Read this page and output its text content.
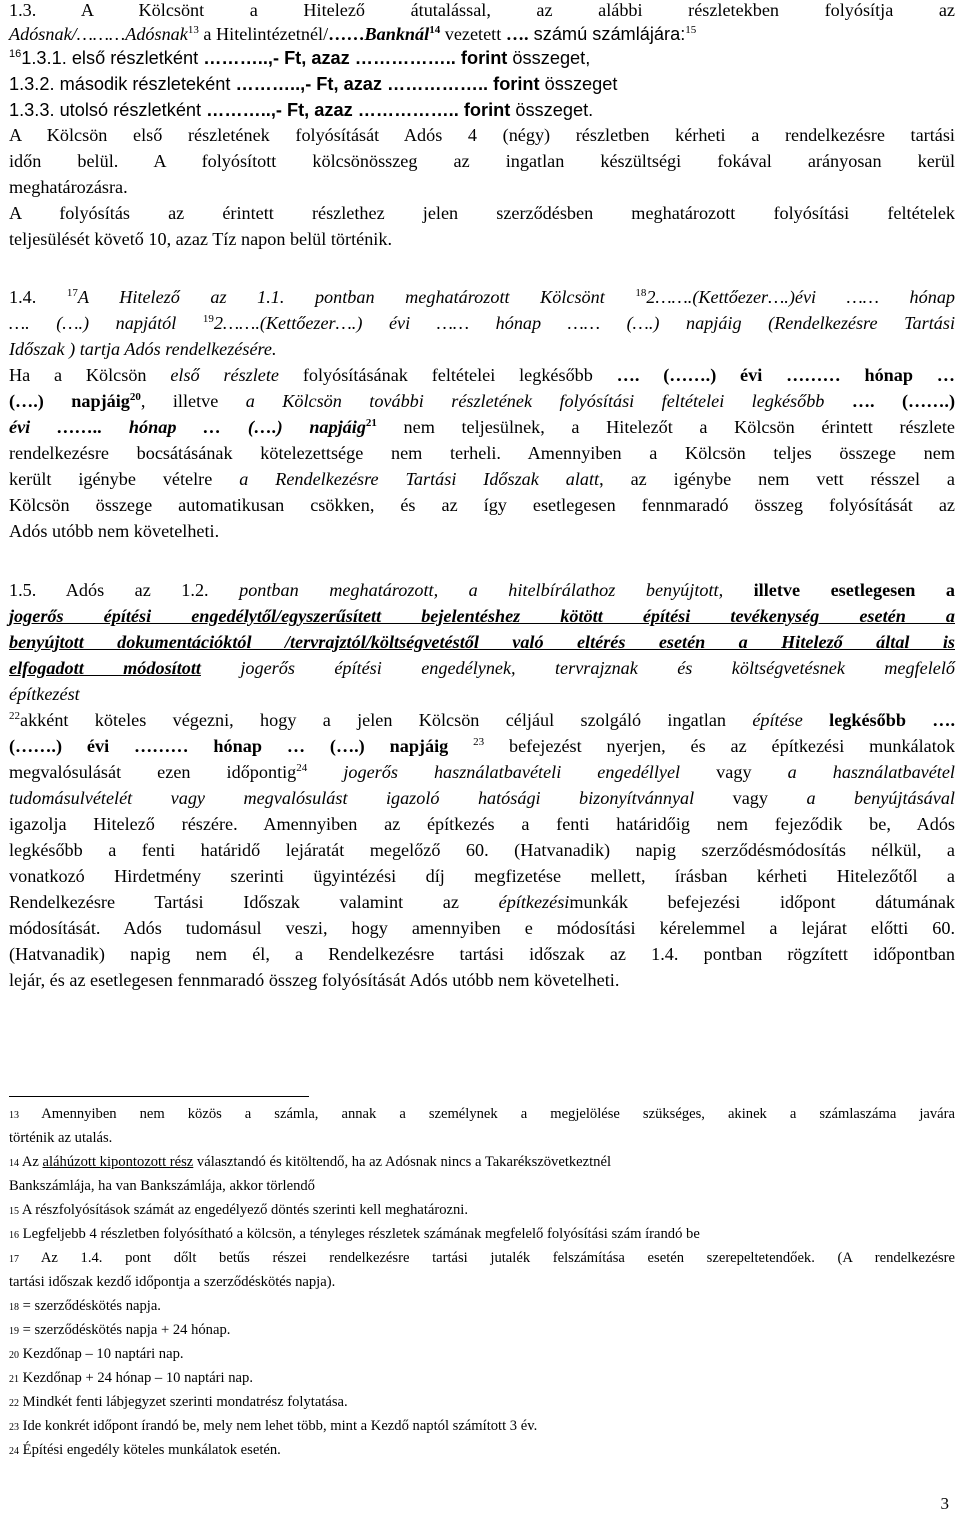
1.3. A Kölcsönt a Hitelező átutalással, az alábbi részletekben folyósítja az
Adósnak/………Adósnak$^{13}$ a Hitelintézetnél/……Banknál$^{14}$ vezetett …. számú számlájára:$^{15}$
$^{16}$1.3.1. első részletként ………..,- Ft, azaz …………….. forint összeget,
1.3.2. második részleteként ………..,- Ft, azaz …………….. forint összeget
1.3.3. utolsó részletként ………..,- Ft, azaz …………….. forint összeget.
A Kölcsön első részletének folyósítását Adós 4 (négy) részletben kérheti a rendelkezésre tartási
időn belül. A folyósított kölcsönösszeg az ingatlan készültségi fokával arányosan kerül
meghatározásra.
A folyósítás az érintett részlethez jelen szerződésben meghatározott folyósítási feltételek
teljesülését követő 10, azaz Tíz napon belül történik.
1.4.	$^{17}$A Hitelező az 1.1. pontban meghatározott Kölcsönt	$^{18}$2…….(Kettőezer….)évi …… hónap
…. (….) napjától $^{19}$2…….(Kettőezer….) évi …… hónap …… (….) napjáig (Rendelkezésre Tartási
Időszak ) tartja Adós rendelkezésére.
Ha a Kölcsön első részlete folyósításának feltételei legkésőbb …. (…….) évi ……… hónap …
(….) napjáig$^{20}$, illetve a Kölcsön további részletének folyósítási feltételei legkésőbb …. (…….)
évi …….. hónap … (….) napjáig$^{21}$ nem teljesülnek, a Hitelezőt a Kölcsön érintett részlete
rendelkezésre bocsátásának kötelezettsége nem terheli. Amennyiben a Kölcsön teljes összege nem
került igénybe vételre a Rendelkezésre Tartási Időszak alatt, az igénybe nem vett résszel a
Kölcsön összege automatikusan csökken, és az így esetlegesen fennmaradó összeg folyósítását az
Adós utóbb nem követelheti.
1.5. Adós az 1.2. pontban meghatározott, a hitelbírálathoz benyújtott, illetve esetlegesen a
jogerős építési engedélytől/egyszerűsített bejelentéshez kötött építési tevékenység esetén a
benyújtott dokumentációktól /tervrajztól/költségvetéstől való eltérés esetén a Hitelező által is
elfogadott módosított jogerős építési engedélynek, tervrajznak és költségvetésnek megfelelő
építkezést
$^{22}$akként köteles végezni, hogy a jelen Kölcsön céljául szolgáló ingatlan építése legkésőbb ….
(…….) évi ……… hónap … (….) napjáig $^{23}$ befejezést nyerjen, és az építkezési munkálatok
megvalósulását ezen időpontig$^{24}$ jogerős használatbavételi engedéllyel vagy a használatbavétel
tudomásulvételét vagy megvalósulást igazoló hatósági bizonyítvánnyal vagy a benyújtásával
igazolja Hitelező részére. Amennyiben az építkezés a fenti határidőig nem fejeződik be, Adós
legkésőbb a fenti határidő lejáratát megelőző 60. (Hatvanadik) napig szerződésmódosítás nélkül, a
vonatkozó Hirdetmény szerinti ügyintézési díj megfizetése mellett, írásban kérheti Hitelezőtől a
Rendelkezésre Tartási Időszak valamint az építkezésimunkák befejezési időpont dátumának
módosítását. Adós tudomásul veszi, hogy amennyiben e módosítási kérelemmel a lejárat előtti 60.
(Hatvanadik) napig nem él, a Rendelkezésre tartási időszak az 1.4. pontban rögzített időpontban
lejár, és az esetlegesen fennmaradó összeg folyósítását Adós utóbb nem követelheti.
13 Amennyiben nem közös a számla, annak a személynek a megjelölése szükséges, akinek a számlaszáma javára
történik az utalás.
14 Az aláhúzott kipontozott rész választandó és kitöltendő, ha az Adósnak nincs a Takarékszövetkeztnél
Bankszámlája, ha van Bankszámlája, akkor törlendő
15 A részfolyósítások számát az engedélyező döntés szerinti kell meghatározni.
16 Legfeljebb 4 részletben folyósítható a kölcsön, a tényleges részletek számának megfelelő folyósítási szám írandó be
17 Az 1.4. pont dőlt betűs részei rendelkezésre tartási jutalék felszámítása esetén szerepeltetendőek. (A rendelkezésre
tartási időszak kezdő időpontja a szerződéskötés napja).
18 = szerződéskötés napja.
19 = szerződéskötés napja + 24 hónap.
20 Kezdőnap – 10 naptári nap.
21 Kezdőnap + 24 hónap – 10 naptári nap.
22 Mindkét fenti lábjegyzet szerinti mondatrész folytatása.
23 Ide konkrét időpont írandó be, mely nem lehet több, mint a Kezdő naptól számított 3 év.
24 Építési engedély köteles munkálatok esetén.
3
